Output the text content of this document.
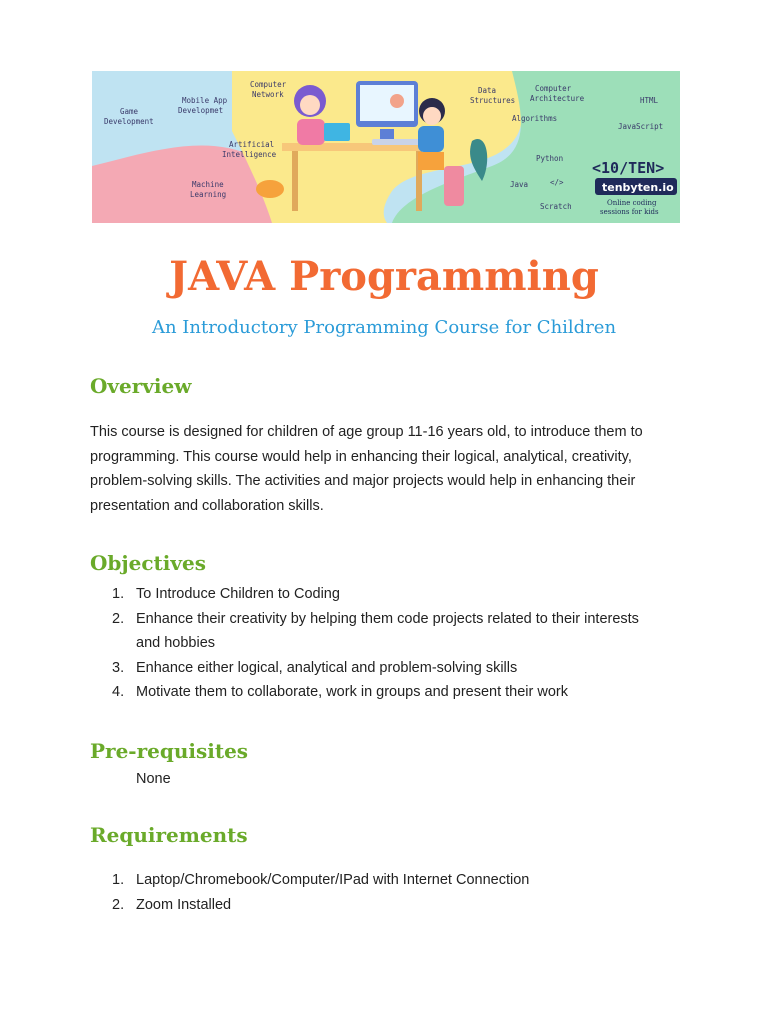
Game
Development
Mobile App
Developmet
Artificial
Intelligence
Machine
Learning
Computer
Network	Data
Structures
Computer
Architecture
Algorithms
HTML
JavaScript
Python
Java
Scratch
</>
<10/TEN>
tenbyten.io
Online coding
sessions for kids
JAVA Programming

An Introductory Programming Course for Children

Overview

This course is designed for children of age group 11-16 years old, to introduce them to
programming. This course would help in enhancing their logical, analytical, creativity,
problem-solving skills. The activities and major projects would help in enhancing their
presentation and collaboration skills.

Objectives
1. To Introduce Children to Coding
2. Enhance their creativity by helping them code projects related to their interests
and hobbies
3. Enhance either logical, analytical and problem-solving skills
4. Motivate them to collaborate, work in groups and present their work
Pre-requisites

None

Requirements
1. Laptop/Chromebook/Computer/IPad with Internet Connection
2. Zoom Installed
